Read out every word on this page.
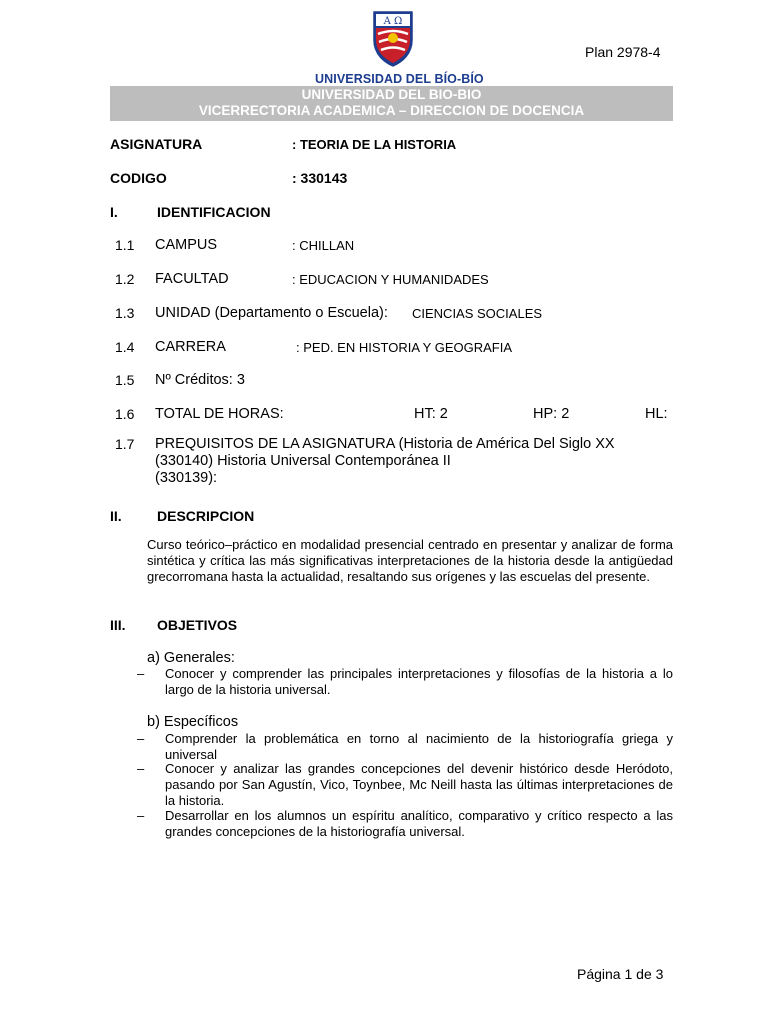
A Ω
UNIVERSIDAD DEL BÍO-BÍO
Plan 2978-4
UNIVERSIDAD DEL BIO-BIO
VICERRECTORIA ACADEMICA – DIRECCION DE DOCENCIA
ASIGNATURA	: TEORIA DE LA HISTORIA
CODIGO	: 330143
I.	IDENTIFICACION
1.1 CAMPUS	: CHILLAN
1.2 FACULTAD	: EDUCACION Y HUMANIDADES
1.3 UNIDAD (Departamento o Escuela): CIENCIAS SOCIALES
1.4 CARRERA	: PED. EN HISTORIA Y GEOGRAFIA
1.5 Nº Créditos: 3
1.6 TOTAL DE HORAS:	HT: 2	HP: 2	HL:
1.7 PREQUISITOS DE LA ASIGNATURA (Historia de América Del Siglo XX
(330140) Historia Universal Contemporánea II
(330139):
II.	DESCRIPCION
Curso teórico–práctico en modalidad presencial centrado en presentar y analizar de forma sintética y crítica las más significativas interpretaciones de la historia desde la antigüedad grecorromana hasta la actualidad, resaltando sus orígenes y las escuelas del presente.
III. OBJETIVOS
a) Generales:
– Conocer y comprender las principales interpretaciones y filosofías de la historia a lo largo de la historia universal.
b) Específicos
– Comprender la problemática en torno al nacimiento de la historiografía griega y universal
– Conocer y analizar las grandes concepciones del devenir histórico desde Heródoto, pasando por San Agustín, Vico, Toynbee, Mc Neill hasta las últimas interpretaciones de la historia.
– Desarrollar en los alumnos un espíritu analítico, comparativo y crítico respecto a las grandes concepciones de la historiografía universal.
Página 1 de 3
